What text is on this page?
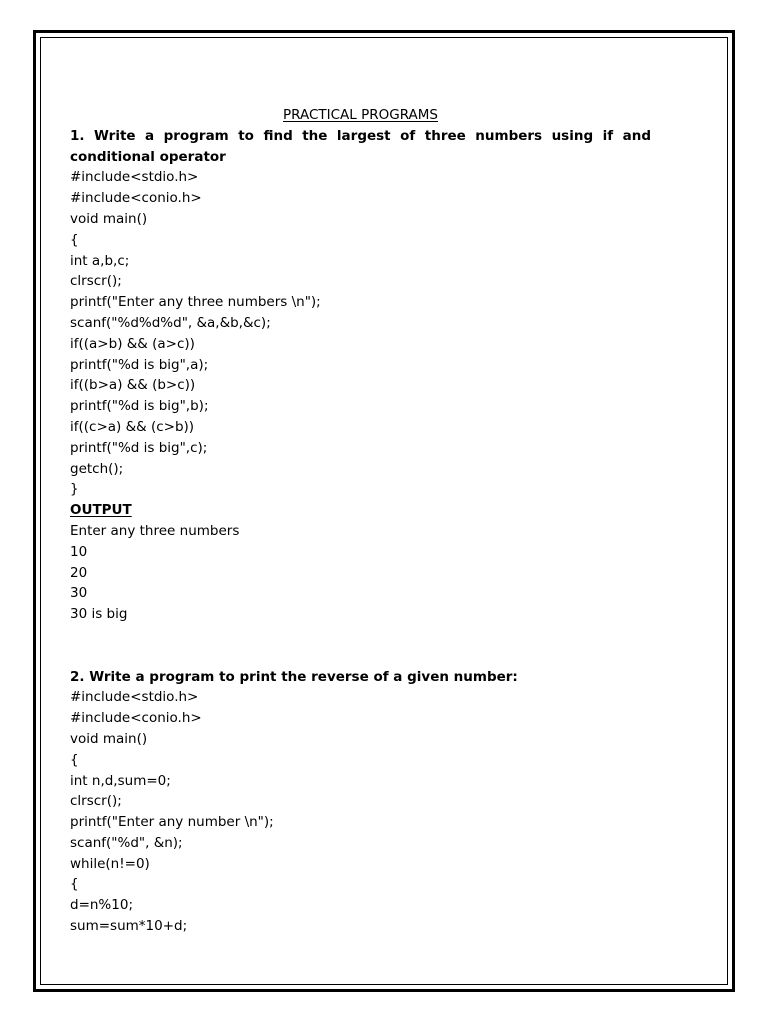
PRACTICAL PROGRAMS

1. Write a program to find the largest of three numbers using if and conditional operator

#include<stdio.h>

#include<conio.h>

void main()

{

int a,b,c;

clrscr();

printf("Enter any three numbers \n");

scanf("%d%d%d", &a,&b,&c);

if((a>b) && (a>c))

printf("%d is big",a);

if((b>a) && (b>c))

printf("%d is big",b);

if((c>a) && (c>b))

printf("%d is big",c);

getch();

}

OUTPUT

Enter any three numbers

10

20

30

30 is big

2. Write a program to print the reverse of a given number:

#include<stdio.h>

#include<conio.h>

void main()

{

int n,d,sum=0;

clrscr();

printf("Enter any number \n");

scanf("%d", &n);

while(n!=0)

{

d=n%10;

sum=sum*10+d;
